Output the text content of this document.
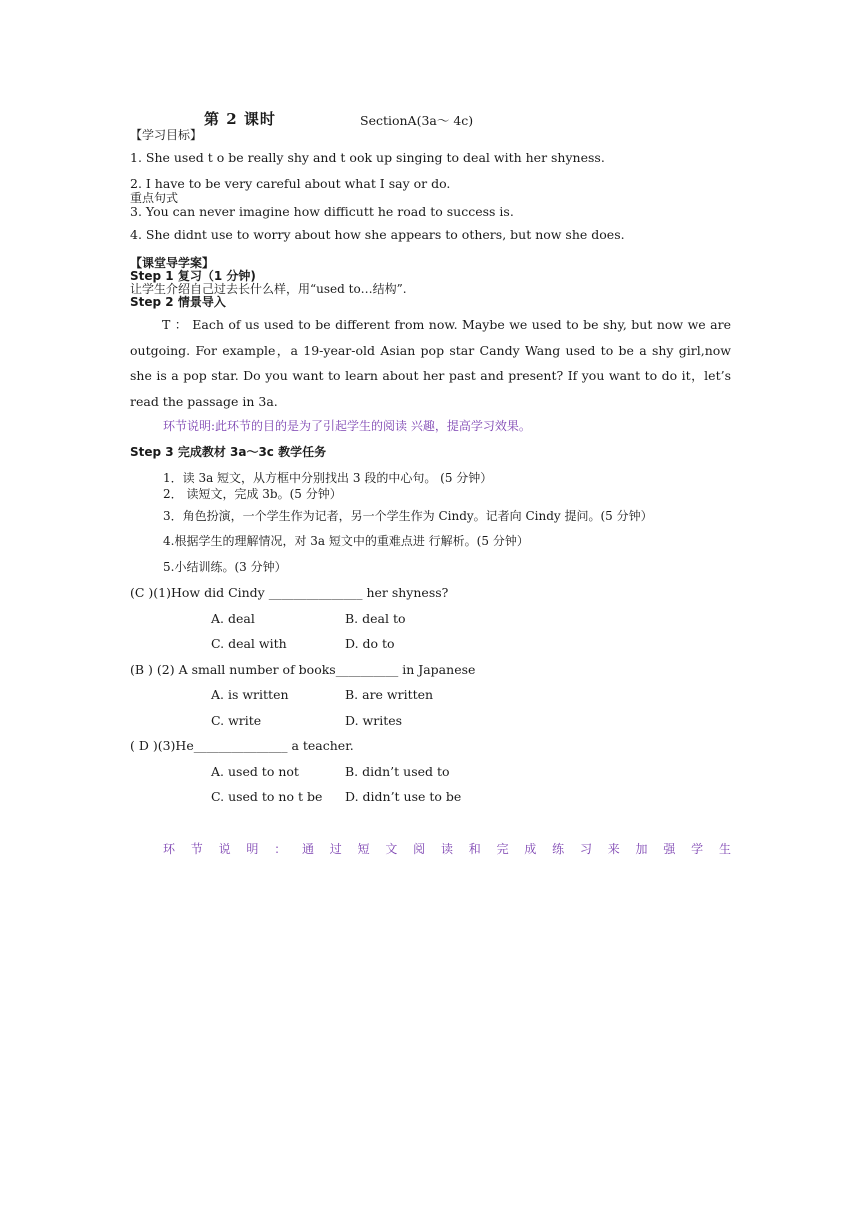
第 2 课时	SectionA(3a〜 4c)
【学习目标】
1. She used t o be really shy and t ook up singing to deal with her shyness.
2. I have to be very careful about what I say or do.
重点句式
3. You can never imagine how difficutt he road to success is.
4. She didnt use to worry about how she appears to others, but now she does.
【课堂导学案】
Step 1 复习（1 分钟)
让学生介绍自己过去长什么样，用“used to…结构”.
Step 2 情景导入
T ： Each of us used to be different from now. Maybe we used to be shy, but now we are outgoing. For example，a 19-year-old Asian pop star Candy Wang used to be a shy girl,now she is a pop star. Do you want to learn about her past and present? If you want to do it，let’s read the passage in 3a.
环节说明:此环节的目的是为了引起学生的阅读 兴趣，提高学习效果。
Step 3 完成教材 3a〜3c 教学任务
1．读 3a 短文，从方框中分别找出 3 段的中心句。 (5 分钟）
2． 读短文，完成 3b。(5 分钟）
3．角色扮演，一个学生作为记者，另一个学生作为 Cindy。记者向 Cindy 提问。(5 分钟）
4.根据学生的理解情况，对 3a 短文中的重难点进 行解析。(5 分钟）
5.小结训练。(3 分钟）
(C )(1)How did Cindy _______________ her shyness?
A. deal	B. deal to
C. deal with	D. do to
(B ) (2) A small number of books__________ in Japanese
A. is written	B. are written
C. write	D. writes
( D )(3)He_______________ a teacher.
A. used to not	B. didn’t used to
C. used to no t be D. didn’t use to be
环 节 说 明 ： 通 过 短 文 阅 读 和 完 成 练 习 来 加 强 学 生
